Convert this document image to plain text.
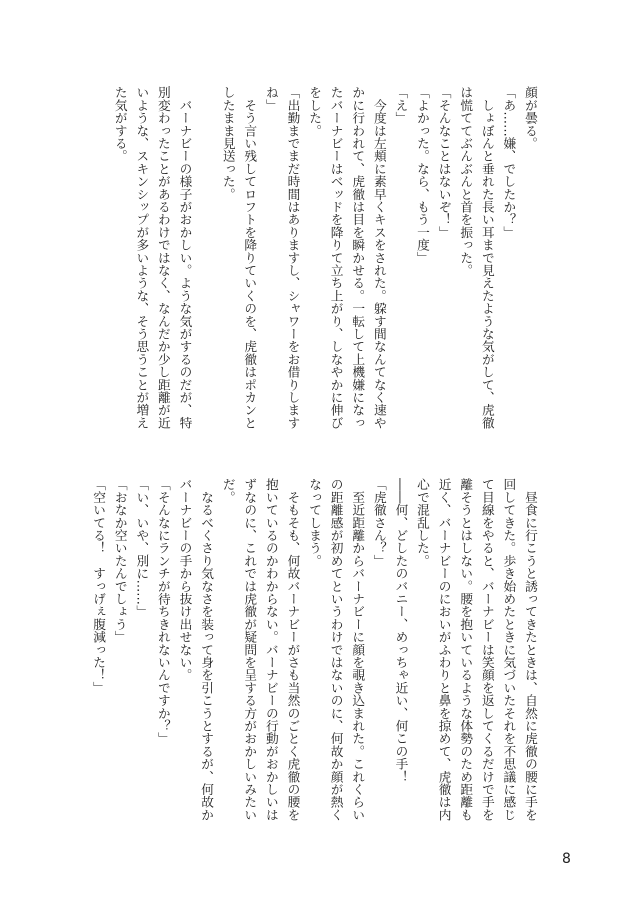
顔が曇る。
「あ……嫌、でしたか？」
　しょぼんと垂れた長い耳まで見えたような気がして、虎徹
は慌ててぶんぶんと首を振った。
「そんなことはないぞ！」
「よかった。なら、もう一度」
「え」
　今度は左頬に素早くキスをされた。躱す間なんてなく速や
かに行われて、虎徹は目を瞬かせる。一転して上機嫌になっ
たバーナビーはベッドを降りて立ち上がり、しなやかに伸び
をした。
「出勤までまだ時間はありますし、シャワーをお借りします
ね」
　そう言い残してロフトを降りていくのを、虎徹はポカンと
したまま見送った。
　バーナビーの様子がおかしい。ような気がするのだが、特
別変わったことがあるわけではなく、なんだか少し距離が近
いような、スキンシップが多いような、そう思うことが増え
た気がする。
　昼食に行こうと誘ってきたときは、自然に虎徹の腰に手を
回してきた。歩き始めたときに気づいたそれを不思議に感じ
て目線をやると、バーナビーは笑顔を返してくるだけで手を
離そうとはしない。腰を抱いているような体勢のため距離も
近く、バーナビーのにおいがふわりと鼻を掠めて、虎徹は内
心で混乱した。
――何、どしたのバニー、めっちゃ近い、何この手！
「虎徹さん？」
　至近距離からバーナビーに顔を覗き込まれた。これくらい
の距離感が初めてというわけではないのに、何故か顔が熱く
なってしまう。
　そもそも、何故バーナビーがさも当然のごとく虎徹の腰を
抱いているのかわからない。バーナビーの行動がおかしいは
ずなのに、これでは虎徹が疑問を呈する方がおかしいみたい
だ。
　なるべくさり気なさを装って身を引こうとするが、何故か
バーナビーの手から抜け出せない。
「そんなにランチが待ちきれないんですか？」
「い、いや、別に……」
「おなか空いたんでしょう」
「空いてる！　すっげぇ腹減った！」
8
